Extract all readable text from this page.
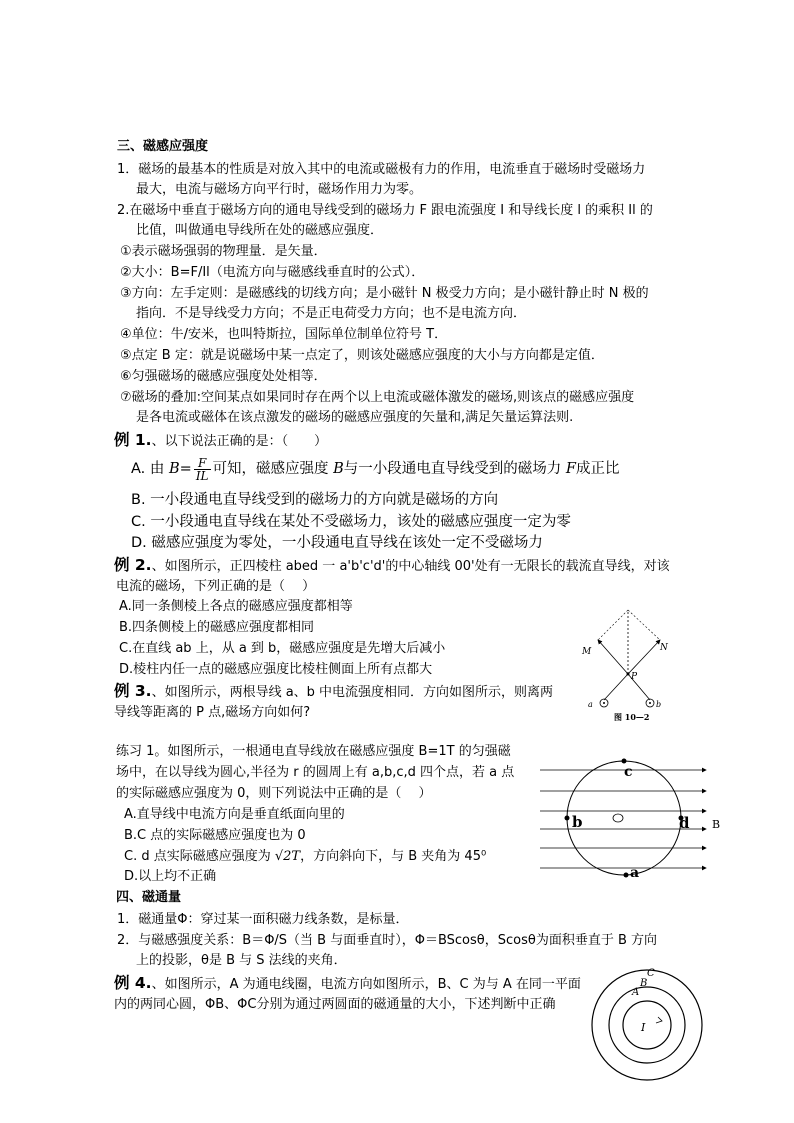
三、磁感应强度
1．磁场的最基本的性质是对放入其中的电流或磁极有力的作用，电流垂直于磁场时受磁场力
最大，电流与磁场方向平行时，磁场作用力为零。
2.在磁场中垂直于磁场方向的通电导线受到的磁场力 F 跟电流强度 I 和导线长度 l 的乘积 Il 的
比值，叫做通电导线所在处的磁感应强度．
①表示磁场强弱的物理量．是矢量．
②大小：B=F/Il（电流方向与磁感线垂直时的公式）．
③方向：左手定则：是磁感线的切线方向；是小磁针 N 极受力方向；是小磁针静止时 N 极的
指向．不是导线受力方向；不是正电荷受力方向；也不是电流方向．
④单位：牛/安米，也叫特斯拉，国际单位制单位符号 T．
⑤点定 B 定：就是说磁场中某一点定了，则该处磁感应强度的大小与方向都是定值．
⑥匀强磁场的磁感应强度处处相等．
⑦磁场的叠加:空间某点如果同时存在两个以上电流或磁体激发的磁场,则该点的磁感应强度
是各电流或磁体在该点激发的磁场的磁感应强度的矢量和,满足矢量运算法则.
例 1.、以下说法正确的是：（　　）
A. 由 $B= \frac{F}{IL}$ 可知，磁感应强度 B与一小段通电直导线受到的磁场力 F成正比
B. 一小段通电直导线受到的磁场力的方向就是磁场的方向
C. 一小段通电直导线在某处不受磁场力，该处的磁感应强度一定为零
D. 磁感应强度为零处，一小段通电直导线在该处一定不受磁场力
例 2.、如图所示，正四棱柱 abed 一 a'b'c'd'的中心轴线 00'处有一无限长的载流直导线，对该
电流的磁场，下列正确的是（　 ）
A.同一条侧棱上各点的磁感应强度都相等
B.四条侧棱上的磁感应强度都相同
C.在直线 ab 上，从 a 到 b，磁感应强度是先增大后减小
D.棱柱内任一点的磁感应强度比棱柱侧面上所有点都大
例 3.、如图所示，两根导线 a、b 中电流强度相同．方向如图所示，则离两
导线等距离的 P 点,磁场方向如何?
M	N
P
a	b
图 10—2
练习 1。如图所示，一根通电直导线放在磁感应强度 B=1T 的匀强磁
场中，在以导线为圆心,半径为 r 的圆周上有 a,b,c,d 四个点，若 a 点
的实际磁感应强度为 0，则下列说法中正确的是（　 ）
A.直导线中电流方向是垂直纸面向里的
B.C 点的实际磁感应强度也为 0
C. d 点实际磁感应强度为 √2T，方向斜向下，与 B 夹角为 45⁰
D.以上均不正确
c
a
b	d B
四、磁通量
1．磁通量Φ：穿过某一面积磁力线条数，是标量．
2．与磁感强度关系：B＝Φ/S（当 B 与面垂直时），Φ＝BScosθ，Scosθ为面积垂直于 B 方向
上的投影，θ是 B 与 S 法线的夹角．
例 4.、如图所示，A 为通电线圈，电流方向如图所示，B、C 为与 A 在同一平面
内的两同心圆，ΦB、ΦC分别为通过两圆面的磁通量的大小，下述判断中正确
C
B
A
I
